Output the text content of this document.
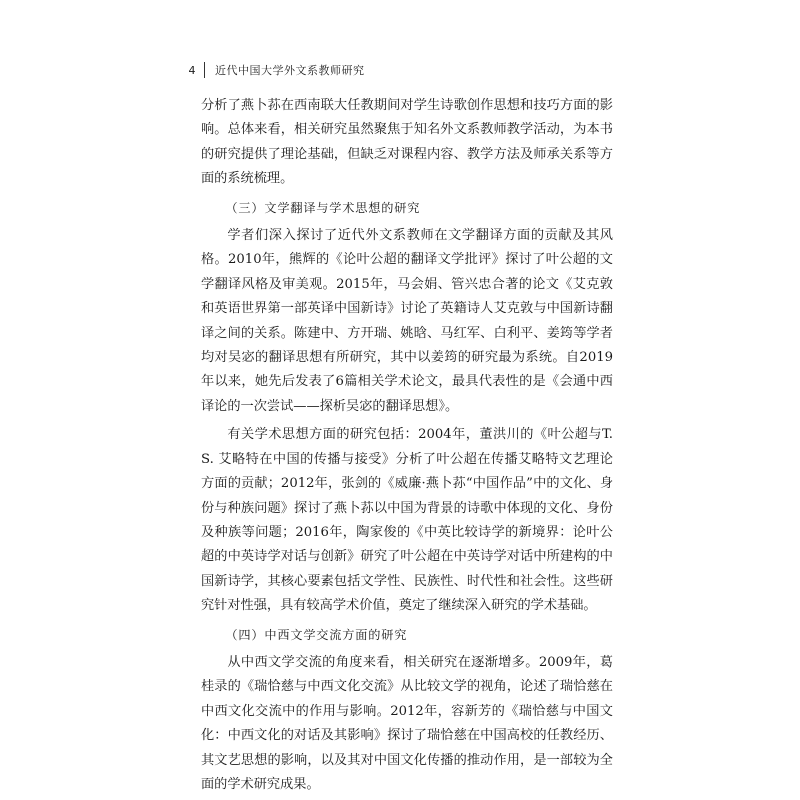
4 近代中国大学外文系教师研究

分析了燕卜荪在西南联大任教期间对学生诗歌创作思想和技巧方面的影响。总体来看，相关研究虽然聚焦于知名外文系教师教学活动，为本书的研究提供了理论基础，但缺乏对课程内容、教学方法及师承关系等方面的系统梳理。

（三）文学翻译与学术思想的研究

学者们深入探讨了近代外文系教师在文学翻译方面的贡献及其风格。2010年，熊辉的《论叶公超的翻译文学批评》探讨了叶公超的文学翻译风格及审美观。2015年，马会娟、管兴忠合著的论文《艾克敦和英语世界第一部英译中国新诗》讨论了英籍诗人艾克敦与中国新诗翻译之间的关系。陈建中、方开瑞、姚晗、马红军、白利平、姜筠等学者均对吴宓的翻译思想有所研究，其中以姜筠的研究最为系统。自2019年以来，她先后发表了6篇相关学术论文，最具代表性的是《会通中西译论的一次尝试——探析吴宓的翻译思想》。

有关学术思想方面的研究包括：2004年，董洪川的《叶公超与T. S. 艾略特在中国的传播与接受》分析了叶公超在传播艾略特文艺理论方面的贡献；2012年，张剑的《威廉·燕卜荪“中国作品”中的文化、身份与种族问题》探讨了燕卜荪以中国为背景的诗歌中体现的文化、身份及种族等问题；2016年，陶家俊的《中英比较诗学的新境界：论叶公超的中英诗学对话与创新》研究了叶公超在中英诗学对话中所建构的中国新诗学，其核心要素包括文学性、民族性、时代性和社会性。这些研究针对性强，具有较高学术价值，奠定了继续深入研究的学术基础。

（四）中西文学交流方面的研究

从中西文学交流的角度来看，相关研究在逐渐增多。2009年，葛桂录的《瑞恰慈与中西文化交流》从比较文学的视角，论述了瑞恰慈在中西文化交流中的作用与影响。2012年，容新芳的《瑞恰慈与中国文化：中西文化的对话及其影响》探讨了瑞恰慈在中国高校的任教经历、其文艺思想的影响，以及其对中国文化传播的推动作用，是一部较为全面的学术研究成果。
